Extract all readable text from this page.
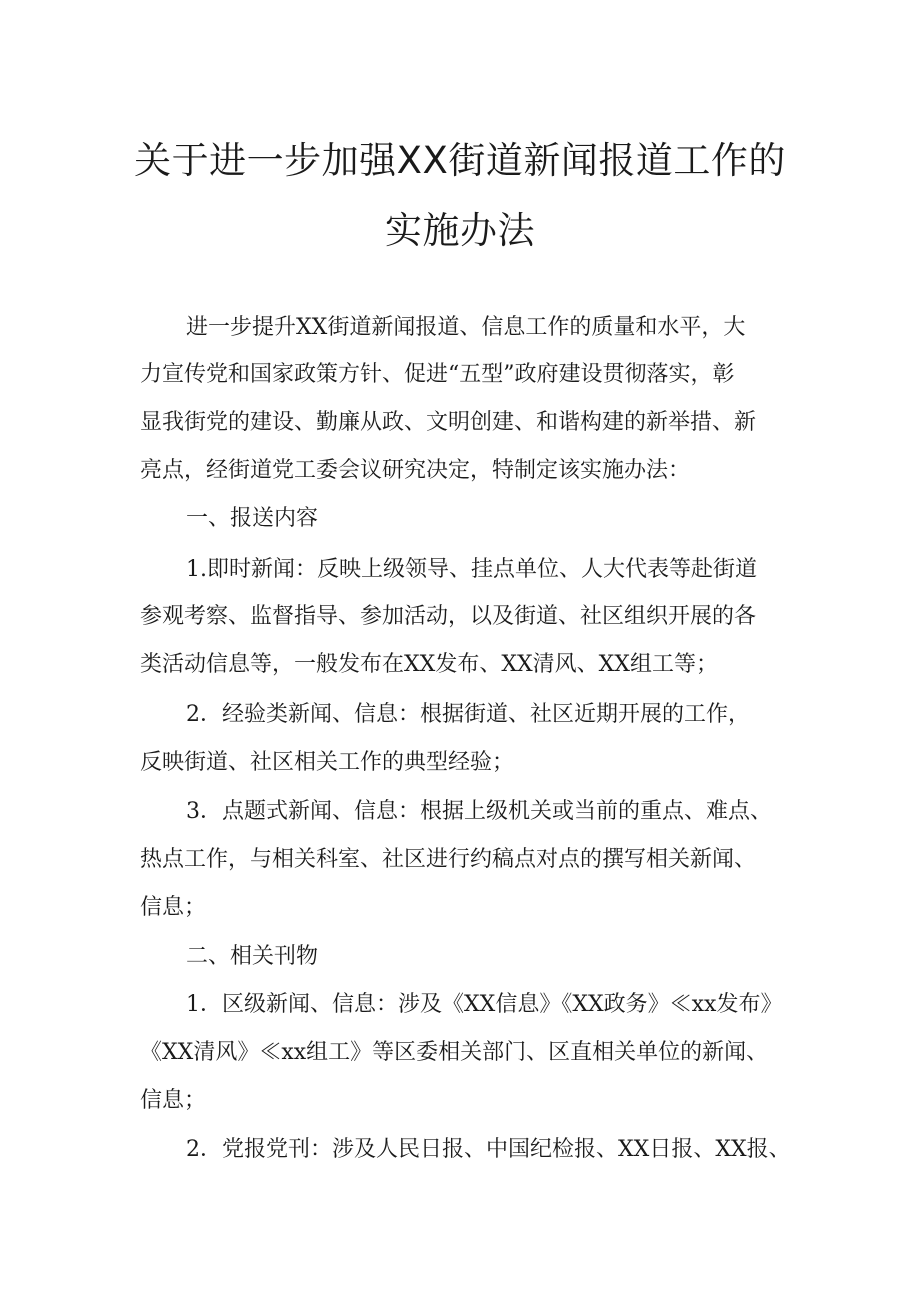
关于进一步加强XX街道新闻报道工作的
实施办法
进一步提升XX街道新闻报道、信息工作的质量和水平，大
力宣传党和国家政策方针、促进“五型”政府建设贯彻落实，彰
显我街党的建设、勤廉从政、文明创建、和谐构建的新举措、新
亮点，经街道党工委会议研究决定，特制定该实施办法：
一、报送内容
1.即时新闻：反映上级领导、挂点单位、人大代表等赴街道
参观考察、监督指导、参加活动，以及街道、社区组织开展的各
类活动信息等，一般发布在XX发布、XX清风、XX组工等；
2．经验类新闻、信息：根据街道、社区近期开展的工作，
反映街道、社区相关工作的典型经验；
3．点题式新闻、信息：根据上级机关或当前的重点、难点、
热点工作，与相关科室、社区进行约稿点对点的撰写相关新闻、
信息；
二、相关刊物
1．区级新闻、信息：涉及《XX信息》《XX政务》≪xx发布》
《XX清风》≪xx组工》等区委相关部门、区直相关单位的新闻、
信息；
2．党报党刊：涉及人民日报、中国纪检报、XX日报、XX报、
